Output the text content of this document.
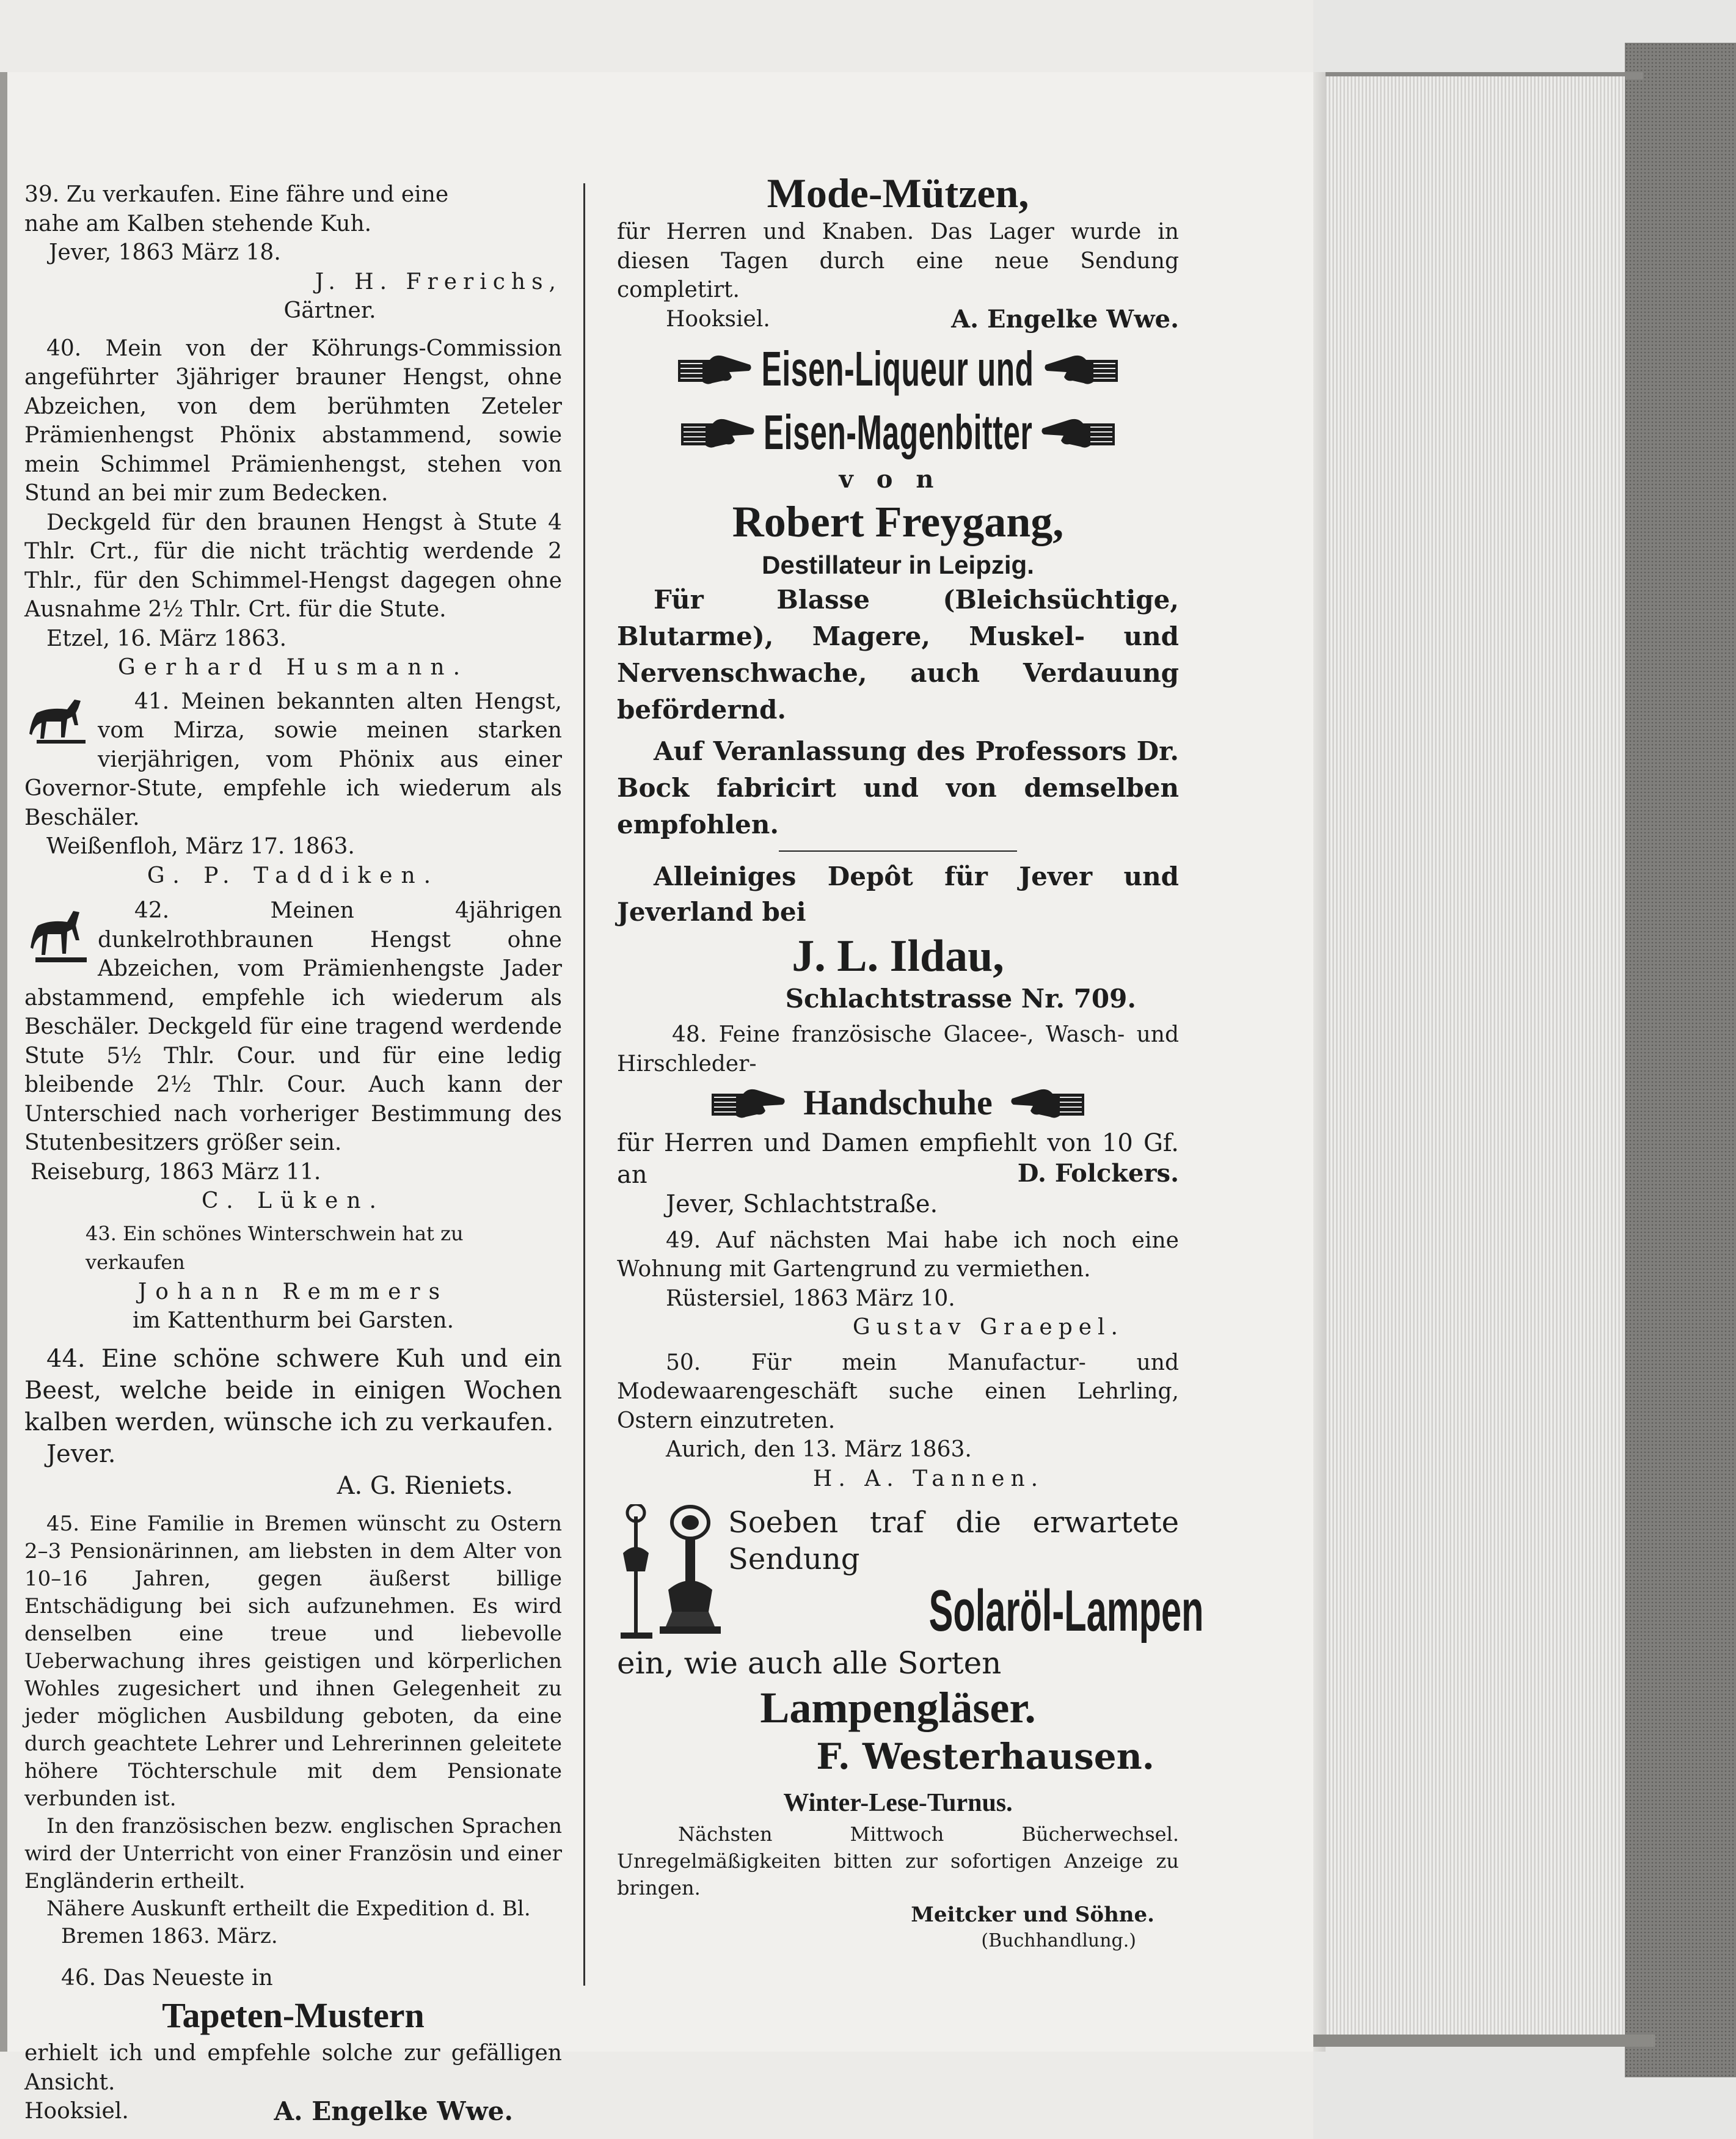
39. Zu verkaufen. Eine fähre und eine

nahe am Kalben stehende Kuh.

Jever, 1863 März 18.

J. H. Frerichs,

Gärtner.

40. Mein von der Köhrungs-Commission angeführter 3jähriger brauner Hengst, ohne Abzeichen, von dem berühmten Zeteler Prämienhengst Phönix abstammend, sowie mein Schimmel Prämienhengst, stehen von Stund an bei mir zum Bedecken.

Deckgeld für den braunen Hengst à Stute 4 Thlr. Crt., für die nicht trächtig werdende 2 Thlr., für den Schimmel-Hengst dagegen ohne Ausnahme 2½ Thlr. Crt. für die Stute.

Etzel, 16. März 1863.

Gerhard Husmann.

41. Meinen bekannten alten Hengst, vom Mirza, sowie meinen starken vierjährigen, vom Phönix aus einer Governor-Stute, empfehle ich wiederum als Beschäler.

Weißenfloh, März 17. 1863.

G. P. Taddiken.

42. Meinen 4jährigen dunkelrothbraunen Hengst ohne Abzeichen, vom Prämienhengste Jader abstammend, empfehle ich wiederum als Beschäler. Deckgeld für eine tragend werdende Stute 5½ Thlr. Cour. und für eine ledig bleibende 2½ Thlr. Cour. Auch kann der Unterschied nach vorheriger Bestimmung des Stutenbesitzers größer sein.

Reiseburg, 1863 März 11.

C. Lüken.

43. Ein schönes Winterschwein hat zu verkaufen

Johann Remmers

im Kattenthurm bei Garsten.

44. Eine schöne schwere Kuh und ein Beest, welche beide in einigen Wochen kalben werden, wünsche ich zu verkaufen.

Jever.

A. G. Rieniets.

45. Eine Familie in Bremen wünscht zu Ostern 2–3 Pensionärinnen, am liebsten in dem Alter von 10–16 Jahren, gegen äußerst billige Entschädigung bei sich aufzunehmen. Es wird denselben eine treue und liebevolle Ueberwachung ihres geistigen und körperlichen Wohles zugesichert und ihnen Gelegenheit zu jeder möglichen Ausbildung geboten, da eine durch geachtete Lehrer und Lehrerinnen geleitete höhere Töchterschule mit dem Pensionate verbunden ist.

In den französischen bezw. englischen Sprachen wird der Unterricht von einer Französin und einer Engländerin ertheilt.

Nähere Auskunft ertheilt die Expedition d. Bl.

Bremen 1863. März.

46. Das Neueste in

Tapeten-Mustern

erhielt ich und empfehle solche zur gefälligen Ansicht.

Hooksiel.	A. Engelke Wwe.

Mode-Mützen,

für Herren und Knaben. Das Lager wurde in diesen Tagen durch eine neue Sendung completirt.

Hooksiel.	A. Engelke Wwe.

Eisen-Liqueur und
Eisen-Magenbitter

von

Robert Freygang,

Destillateur in Leipzig.

Für Blasse (Bleichsüchtige, Blutarme), Magere, Muskel- und Nervenschwache, auch Verdauung befördernd.

Auf Veranlassung des Professors Dr. Bock fabricirt und von demselben empfohlen.

Alleiniges Depôt für Jever und Jeverland bei

J. L. Ildau,

Schlachtstrasse Nr. 709.

48. Feine französische Glacee-, Wasch- und Hirschleder-

Handschuhe

für Herren und Damen empfiehlt von 10 Gf. an	D. Folckers.

Jever, Schlachtstraße.

49. Auf nächsten Mai habe ich noch eine Wohnung mit Gartengrund zu vermiethen.

Rüstersiel, 1863 März 10.

Gustav Graepel.

50. Für mein Manufactur- und Modewaarengeschäft suche einen Lehrling, Ostern einzutreten.

Aurich, den 13. März 1863.

H. A. Tannen.

Soeben traf die erwartete Sendung

Solaröl-Lampen

ein, wie auch alle Sorten

Lampengläser.

F. Westerhausen.

Winter-Lese-Turnus.

Nächsten Mittwoch Bücherwechsel. Unregelmäßigkeiten bitten zur sofortigen Anzeige zu bringen.

Meitcker und Söhne.

(Buchhandlung.)
